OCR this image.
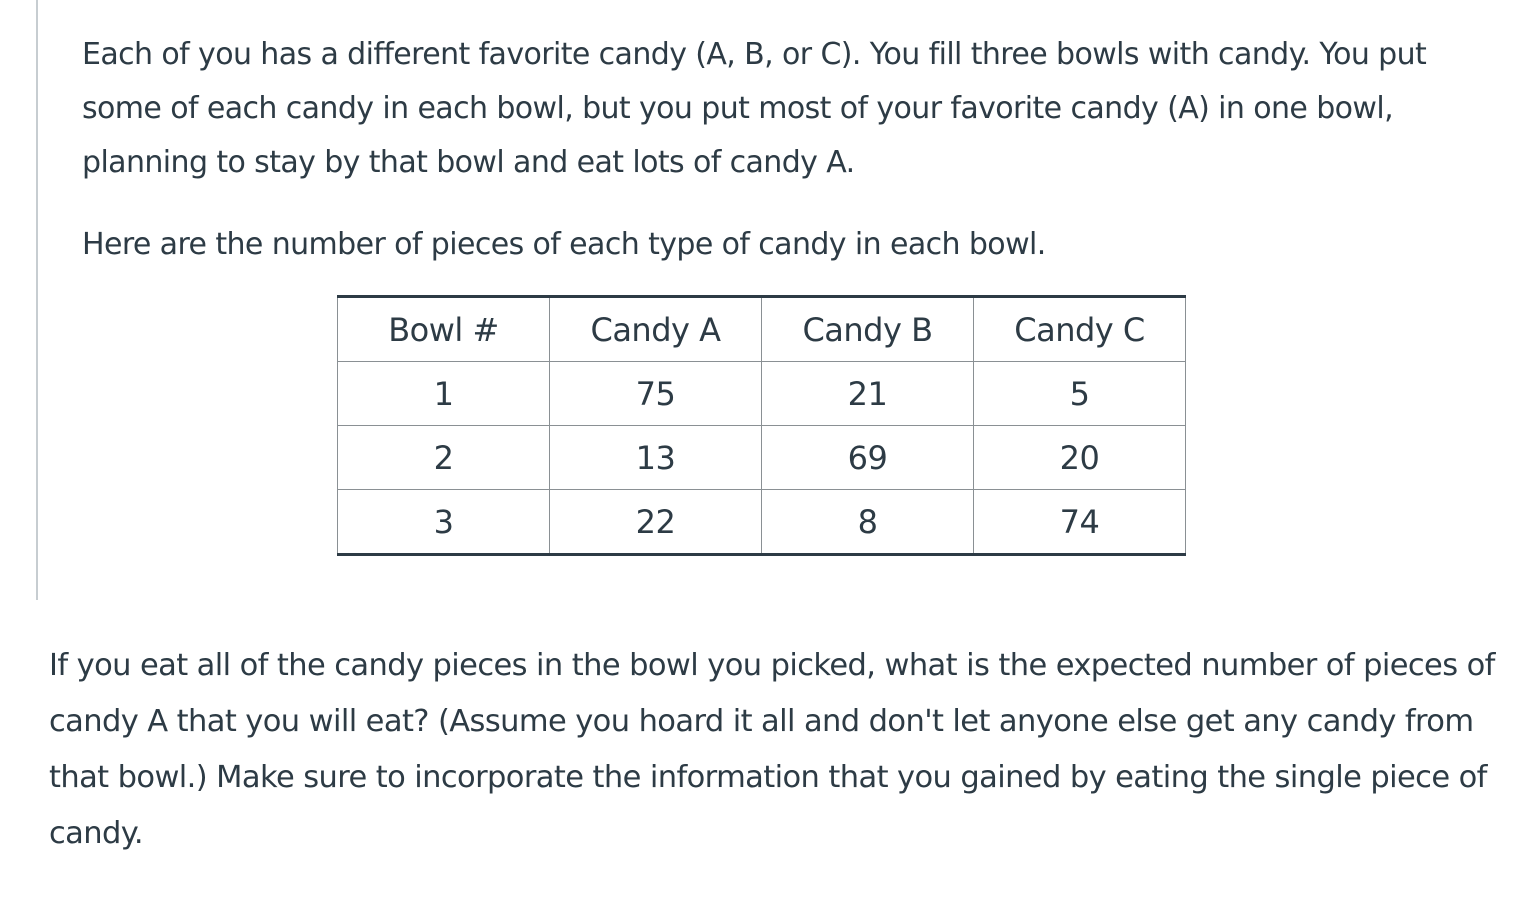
Each of you has a different favorite candy (A, B, or C). You fill three bowls with candy. You put some of each candy in each bowl, but you put most of your favorite candy (A) in one bowl, planning to stay by that bowl and eat lots of candy A.

Here are the number of pieces of each type of candy in each bowl.

Bowl #	Candy A	Candy B	Candy C
1	75	21	5
2	13	69	20
3	22	8	74

If you eat all of the candy pieces in the bowl you picked, what is the expected number of pieces of candy A that you will eat? (Assume you hoard it all and don't let anyone else get any candy from that bowl.) Make sure to incorporate the information that you gained by eating the single piece of candy.
